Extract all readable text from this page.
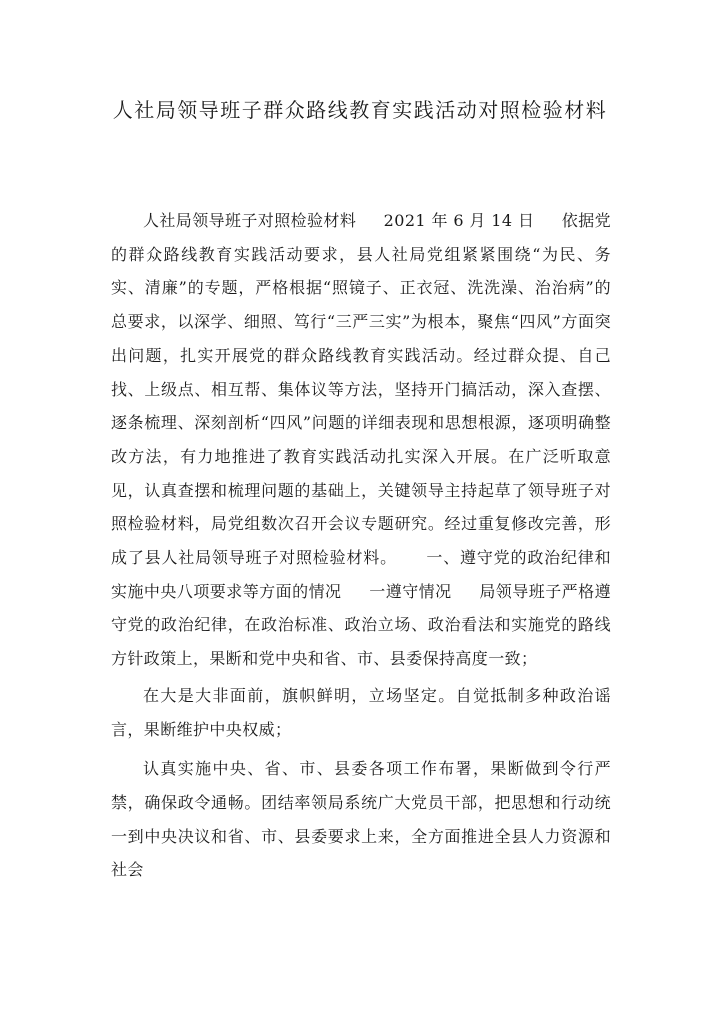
人社局领导班子群众路线教育实践活动对照检验材料

人社局领导班子对照检验材料     2021 年 6 月 14 日     依据党的群众路线教育实践活动要求，县人社局党组紧紧围绕“为民、务实、清廉”的专题，严格根据“照镜子、正衣冠、洗洗澡、治治病”的总要求，以深学、细照、笃行“三严三实”为根本，聚焦“四风”方面突出问题，扎实开展党的群众路线教育实践活动。经过群众提、自己找、上级点、相互帮、集体议等方法，坚持开门搞活动，深入查摆、逐条梳理、深刻剖析“四风”问题的详细表现和思想根源，逐项明确整改方法，有力地推进了教育实践活动扎实深入开展。在广泛听取意见，认真查摆和梳理问题的基础上，关键领导主持起草了领导班子对照检验材料，局党组数次召开会议专题研究。经过重复修改完善，形成了县人社局领导班子对照检验材料。     一、遵守党的政治纪律和实施中央八项要求等方面的情况     一遵守情况     局领导班子严格遵守党的政治纪律，在政治标准、政治立场、政治看法和实施党的路线方针政策上，果断和党中央和省、市、县委保持高度一致；

在大是大非面前，旗帜鲜明，立场坚定。自觉抵制多种政治谣言，果断维护中央权威；

认真实施中央、省、市、县委各项工作布署，果断做到令行严禁，确保政令通畅。团结率领局系统广大党员干部，把思想和行动统一到中央决议和省、市、县委要求上来，全方面推进全县人力资源和社会
